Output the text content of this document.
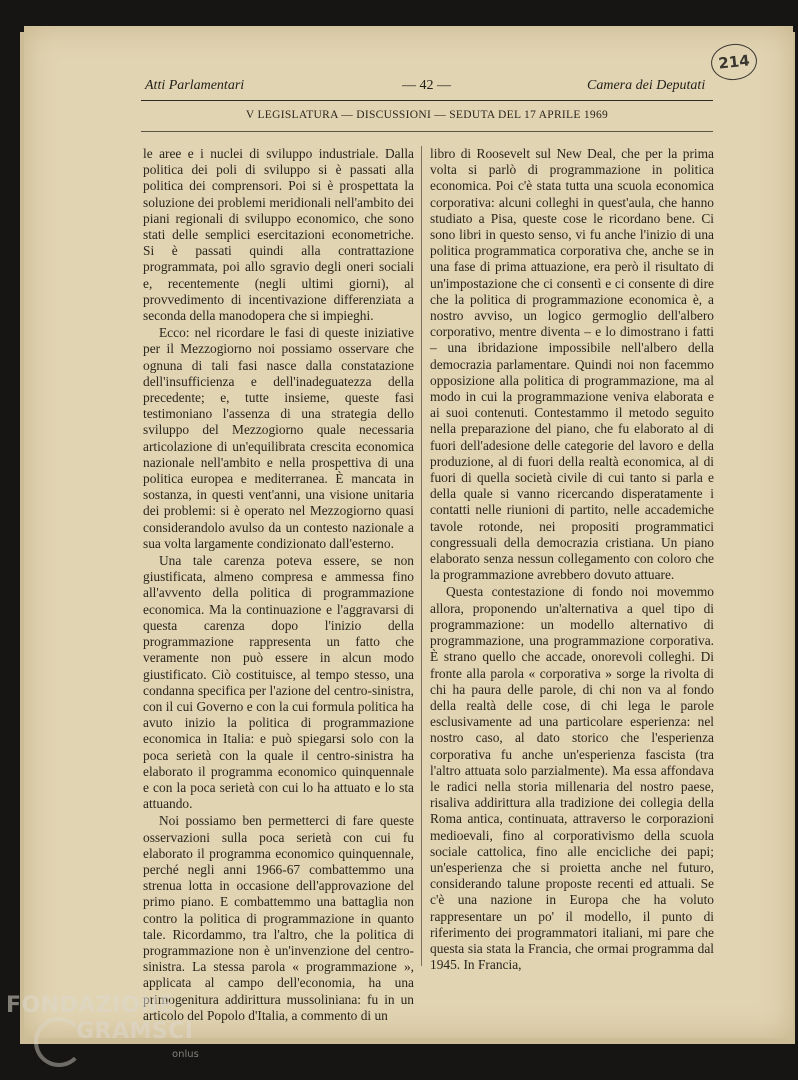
214
Atti Parlamentari	— 42 —	Camera dei Deputati
V LEGISLATURA — DISCUSSIONI — SEDUTA DEL 17 APRILE 1969

le aree e i nuclei di sviluppo industriale. Dalla politica dei poli di sviluppo si è passati alla politica dei comprensori. Poi si è prospettata la soluzione dei problemi meridionali nell'ambito dei piani regionali di sviluppo economico, che sono stati delle semplici esercitazioni econometriche. Si è passati quindi alla contrattazione programmata, poi allo sgravio degli oneri sociali e, recentemente (negli ultimi giorni), al provvedimento di incentivazione differenziata a seconda della manodopera che si impieghi.

Ecco: nel ricordare le fasi di queste iniziative per il Mezzogiorno noi possiamo osservare che ognuna di tali fasi nasce dalla constatazione dell'insufficienza e dell'inadeguatezza della precedente; e, tutte insieme, queste fasi testimoniano l'assenza di una strategia dello sviluppo del Mezzogiorno quale necessaria articolazione di un'equilibrata crescita economica nazionale nell'ambito e nella prospettiva di una politica europea e mediterranea. È mancata in sostanza, in questi vent'anni, una visione unitaria dei problemi: si è operato nel Mezzogiorno quasi considerandolo avulso da un contesto nazionale a sua volta largamente condizionato dall'esterno.

Una tale carenza poteva essere, se non giustificata, almeno compresa e ammessa fino all'avvento della politica di programmazione economica. Ma la continuazione e l'aggravarsi di questa carenza dopo l'inizio della programmazione rappresenta un fatto che veramente non può essere in alcun modo giustificato. Ciò costituisce, al tempo stesso, una condanna specifica per l'azione del centro-sinistra, con il cui Governo e con la cui formula politica ha avuto inizio la politica di programmazione economica in Italia: e può spiegarsi solo con la poca serietà con la quale il centro-sinistra ha elaborato il programma economico quinquennale e con la poca serietà con cui lo ha attuato e lo sta attuando.

Noi possiamo ben permetterci di fare queste osservazioni sulla poca serietà con cui fu elaborato il programma economico quinquennale, perché negli anni 1966-67 combattemmo una strenua lotta in occasione dell'approvazione del primo piano. E combattemmo una battaglia non contro la politica di programmazione in quanto tale. Ricordammo, tra l'altro, che la politica di programmazione non è un'invenzione del centro-sinistra. La stessa parola « programmazione », applicata al campo dell'economia, ha una primogenitura addirittura mussoliniana: fu in un articolo del Popolo d'Italia, a commento di un

libro di Roosevelt sul New Deal, che per la prima volta si parlò di programmazione in politica economica. Poi c'è stata tutta una scuola economica corporativa: alcuni colleghi in quest'aula, che hanno studiato a Pisa, queste cose le ricordano bene. Ci sono libri in questo senso, vi fu anche l'inizio di una politica programmatica corporativa che, anche se in una fase di prima attuazione, era però il risultato di un'impostazione che ci consentì e ci consente di dire che la politica di programmazione economica è, a nostro avviso, un logico germoglio dell'albero corporativo, mentre diventa – e lo dimostrano i fatti – una ibridazione impossibile nell'albero della democrazia parlamentare. Quindi noi non facemmo opposizione alla politica di programmazione, ma al modo in cui la programmazione veniva elaborata e ai suoi contenuti. Contestammo il metodo seguito nella preparazione del piano, che fu elaborato al di fuori dell'adesione delle categorie del lavoro e della produzione, al di fuori della realtà economica, al di fuori di quella società civile di cui tanto si parla e della quale si vanno ricercando disperatamente i contatti nelle riunioni di partito, nelle accademiche tavole rotonde, nei propositi programmatici congressuali della democrazia cristiana. Un piano elaborato senza nessun collegamento con coloro che la programmazione avrebbero dovuto attuare.

Questa contestazione di fondo noi movemmo allora, proponendo un'alternativa a quel tipo di programmazione: un modello alternativo di programmazione, una programmazione corporativa. È strano quello che accade, onorevoli colleghi. Di fronte alla parola « corporativa » sorge la rivolta di chi ha paura delle parole, di chi non va al fondo della realtà delle cose, di chi lega le parole esclusivamente ad una particolare esperienza: nel nostro caso, al dato storico che l'esperienza corporativa fu anche un'esperienza fascista (tra l'altro attuata solo parzialmente). Ma essa affondava le radici nella storia millenaria del nostro paese, risaliva addirittura alla tradizione dei collegia della Roma antica, continuata, attraverso le corporazioni medioevali, fino al corporativismo della scuola sociale cattolica, fino alle encicliche dei papi; un'esperienza che si proietta anche nel futuro, considerando talune proposte recenti ed attuali. Se c'è una nazione in Europa che ha voluto rappresentare un po' il modello, il punto di riferimento dei programmatori italiani, mi pare che questa sia stata la Francia, che ormai programma dal 1945. In Francia,

FONDAZIONE
GRAMSCI
onlus
